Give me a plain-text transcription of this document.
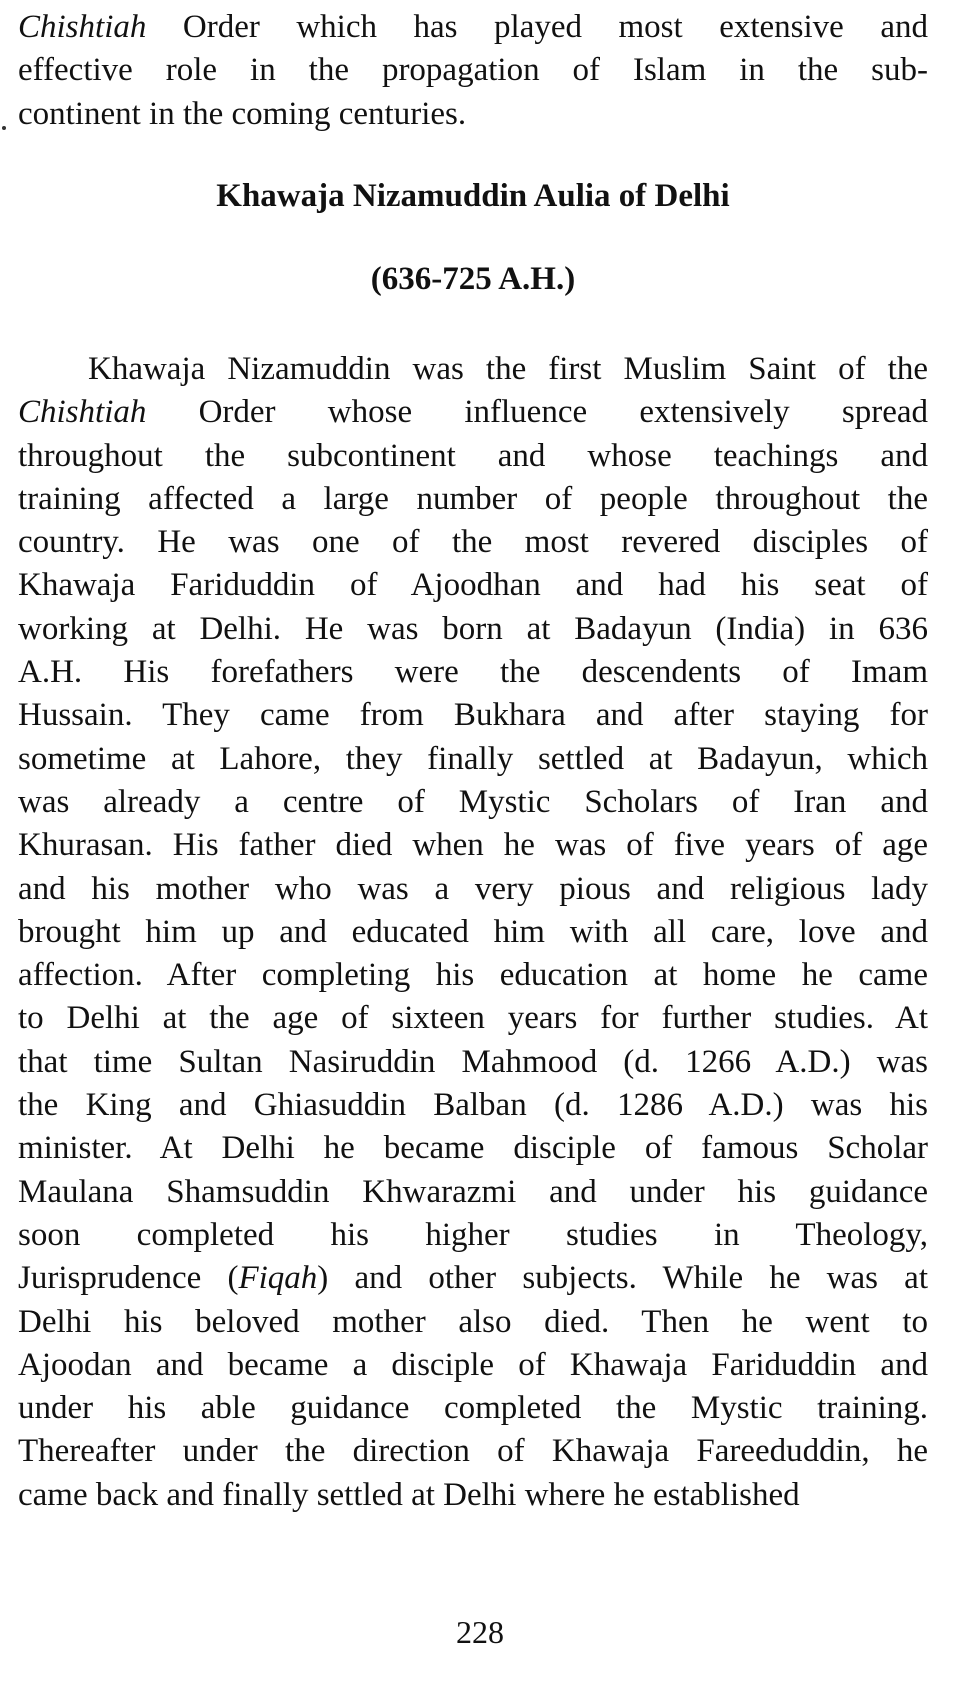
Chishtiah Order which has played most extensive and
effective role in the propagation of Islam in the sub-
continent in the coming centuries.
Khawaja Nizamuddin Aulia of Delhi
(636-725 A.H.)
Khawaja Nizamuddin was the first Muslim Saint of the
Chishtiah Order whose influence extensively spread
throughout the subcontinent and whose teachings and
training affected a large number of people throughout the
country. He was one of the most revered disciples of
Khawaja Fariduddin of Ajoodhan and had his seat of
working at Delhi. He was born at Badayun (India) in 636
A.H. His forefathers were the descendents of Imam
Hussain. They came from Bukhara and after staying for
sometime at Lahore, they finally settled at Badayun, which
was already a centre of Mystic Scholars of Iran and
Khurasan. His father died when he was of five years of age
and his mother who was a very pious and religious lady
brought him up and educated him with all care, love and
affection. After completing his education at home he came
to Delhi at the age of sixteen years for further studies. At
that time Sultan Nasiruddin Mahmood (d. 1266 A.D.) was
the King and Ghiasuddin Balban (d. 1286 A.D.) was his
minister. At Delhi he became disciple of famous Scholar
Maulana Shamsuddin Khwarazmi and under his guidance
soon completed his higher studies in Theology,
Jurisprudence (Fiqah) and other subjects. While he was at
Delhi his beloved mother also died. Then he went to
Ajoodan and became a disciple of Khawaja Fariduddin and
under his able guidance completed the Mystic training.
Thereafter under the direction of Khawaja Fareeduddin, he
came back and finally settled at Delhi where he established
228
